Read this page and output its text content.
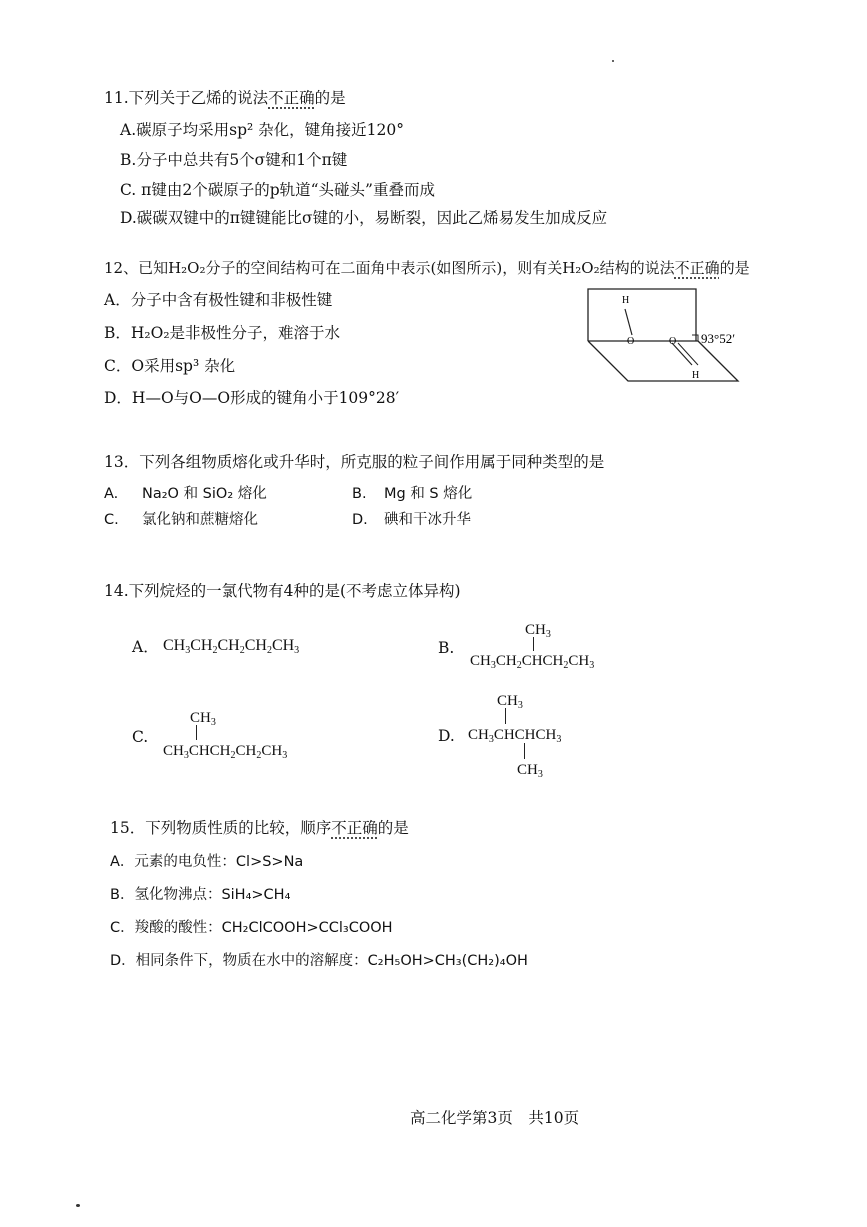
11.下列关于乙烯的说法不正确的是
A.碳原子均采用sp² 杂化，键角接近120°
B.分子中总共有5个σ键和1个π键
C. π键由2个碳原子的p轨道“头碰头”重叠而成
D.碳碳双键中的π键键能比σ键的小，易断裂，因此乙烯易发生加成反应
12、已知H₂O₂分子的空间结构可在二面角中表示(如图所示)，则有关H₂O₂结构的说法不正确的是
A．分子中含有极性键和非极性键
B．H₂O₂是非极性分子，难溶于水
C．O采用sp³ 杂化
D．H—O与O—O形成的键角小于109°28′
H
O	O
H
93°52′
13．下列各组物质熔化或升华时，所克服的粒子间作用属于同种类型的是
A. Na₂O 和 SiO₂ 熔化	B. Mg 和 S 熔化
C. 氯化钠和蔗糖熔化	D. 碘和干冰升华
14.下列烷烃的一氯代物有4种的是(不考虑立体异构)
A． $CH_3CH_2CH_2CH_2CH_3$	B.
$CH_3$
$CH_3CH_2CHCH_2CH_3$
C.
$CH_3$
$CH_3CHCH_2CH_2CH_3$
D.
$CH_3$
$CH_3CHCHCH_3$
$CH_3$
15．下列物质性质的比较，顺序不正确的是
A．元素的电负性：Cl>S>Na
B．氢化物沸点：SiH₄>CH₄
C．羧酸的酸性：CH₂ClCOOH>CCl₃COOH
D．相同条件下，物质在水中的溶解度：C₂H₅OH>CH₃(CH₂)₄OH
高二化学第3页　共10页
